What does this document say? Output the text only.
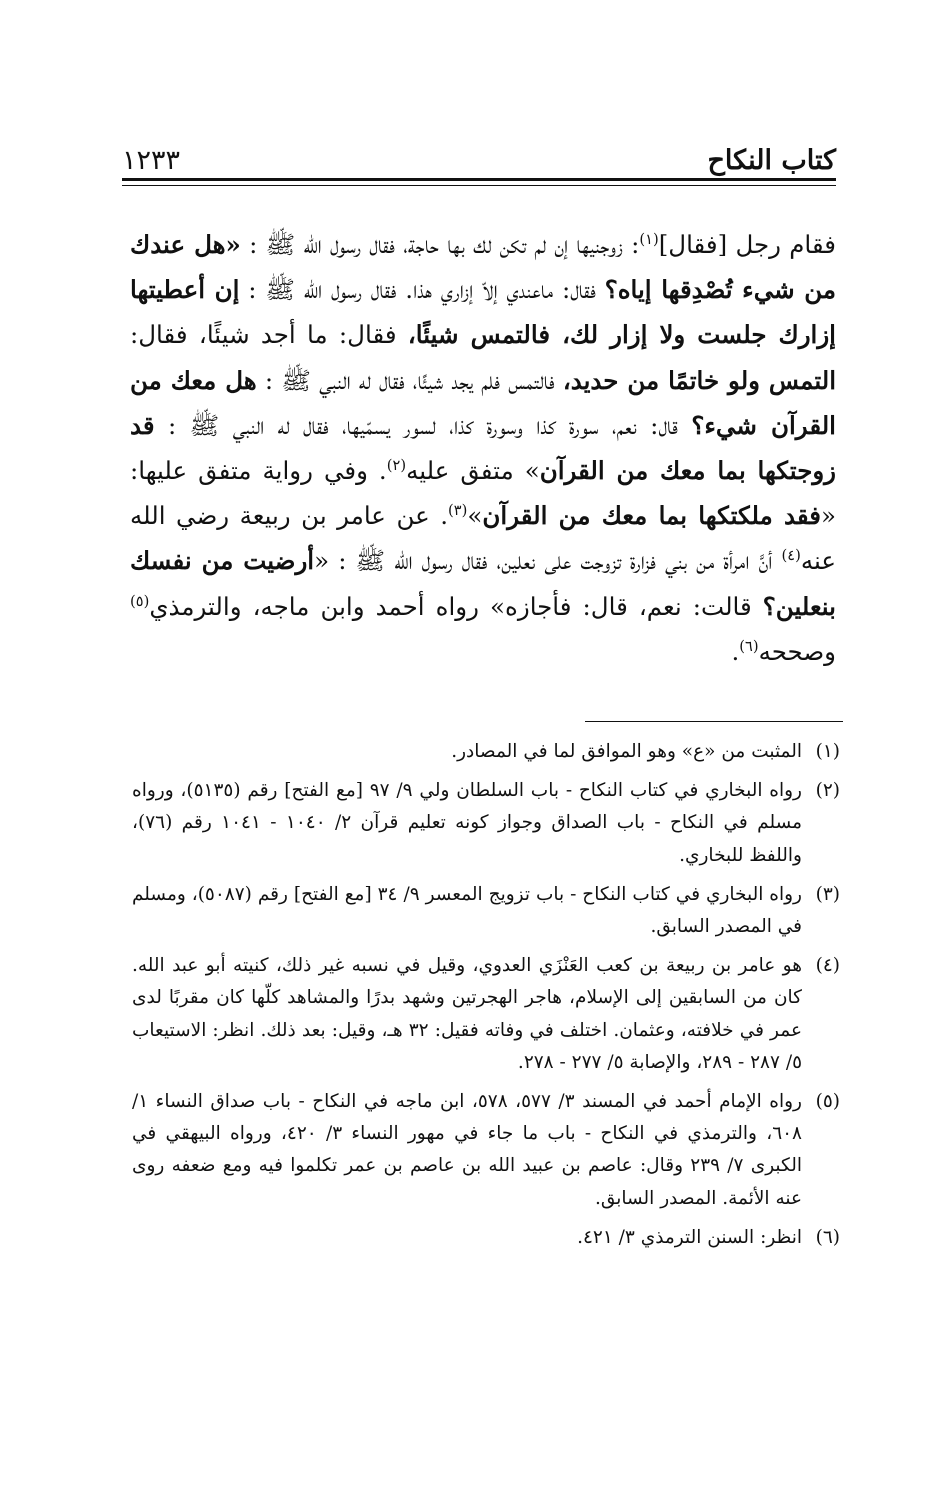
١٢٣٣	كتاب النكاح
فقام رجل [فقال]$^{(١)}$: زوجنيها إن لم تكن لك بها حاجة، فقال رسول الله ﷺ : «هل عندك من شيء تُصْدِقها إياه؟ فقال: ماعندي إلاّ إزاري هذا. فقال رسول الله ﷺ : إن أعطيتها إزارك جلست ولا إزار لك، فالتمس شيئًا، فقال: ما أجد شيئًا، فقال: التمس ولو خاتمًا من حديد، فالتمس فلم يجد شيئًا، فقال له النبي ﷺ : هل معك من القرآن شيء؟ قال: نعم، سورة كذا وسورة كذا، لسور يسمّيها، فقال له النبي ﷺ : قد زوجتكها بما معك من القرآن» متفق عليه$^{(٢)}$. وفي رواية متفق عليها: «فقد ملكتكها بما معك من القرآن»$^{(٣)}$. عن عامر بن ربيعة رضي الله عنه$^{(٤)}$ أنَّ امرأة من بني فزارة تزوجت على نعلين، فقال رسول الله ﷺ : «أرضيت من نفسك بنعلين؟ قالت: نعم، قال: فأجازه» رواه أحمد وابن ماجه، والترمذي$^{(٥)}$ وصححه$^{(٦)}$.
(١)
المثبت من «ع» وهو الموافق لما في المصادر.
(٢)
رواه البخاري في كتاب النكاح - باب السلطان ولي ٩/ ٩٧ [مع الفتح] رقم (٥١٣٥)، ورواه مسلم في النكاح - باب الصداق وجواز كونه تعليم قرآن ٢/ ١٠٤٠ - ١٠٤١ رقم (٧٦)، واللفظ للبخاري.
(٣)
رواه البخاري في كتاب النكاح - باب تزويج المعسر ٩/ ٣٤ [مع الفتح] رقم (٥٠٨٧)، ومسلم في المصدر السابق.
(٤)
هو عامر بن ربيعة بن كعب العَنْزَي العدوي، وقيل في نسبه غير ذلك، كنيته أبو عبد الله. كان من السابقين إلى الإسلام، هاجر الهجرتين وشهد بدرًا والمشاهد كلّها كان مقربًا لدى عمر في خلافته، وعثمان. اختلف في وفاته فقيل: ٣٢ هـ، وقيل: بعد ذلك. انظر: الاستيعاب ٥/ ٢٨٧ - ٢٨٩، والإصابة ٥/ ٢٧٧ - ٢٧٨.
(٥)
رواه الإمام أحمد في المسند ٣/ ٥٧٧، ٥٧٨، ابن ماجه في النكاح - باب صداق النساء ١/ ٦٠٨، والترمذي في النكاح - باب ما جاء في مهور النساء ٣/ ٤٢٠، ورواه البيهقي في الكبرى ٧/ ٢٣٩ وقال: عاصم بن عبيد الله بن عاصم بن عمر تكلموا فيه ومع ضعفه روى عنه الأئمة. المصدر السابق.
(٦)
انظر: السنن الترمذي ٣/ ٤٢١.
